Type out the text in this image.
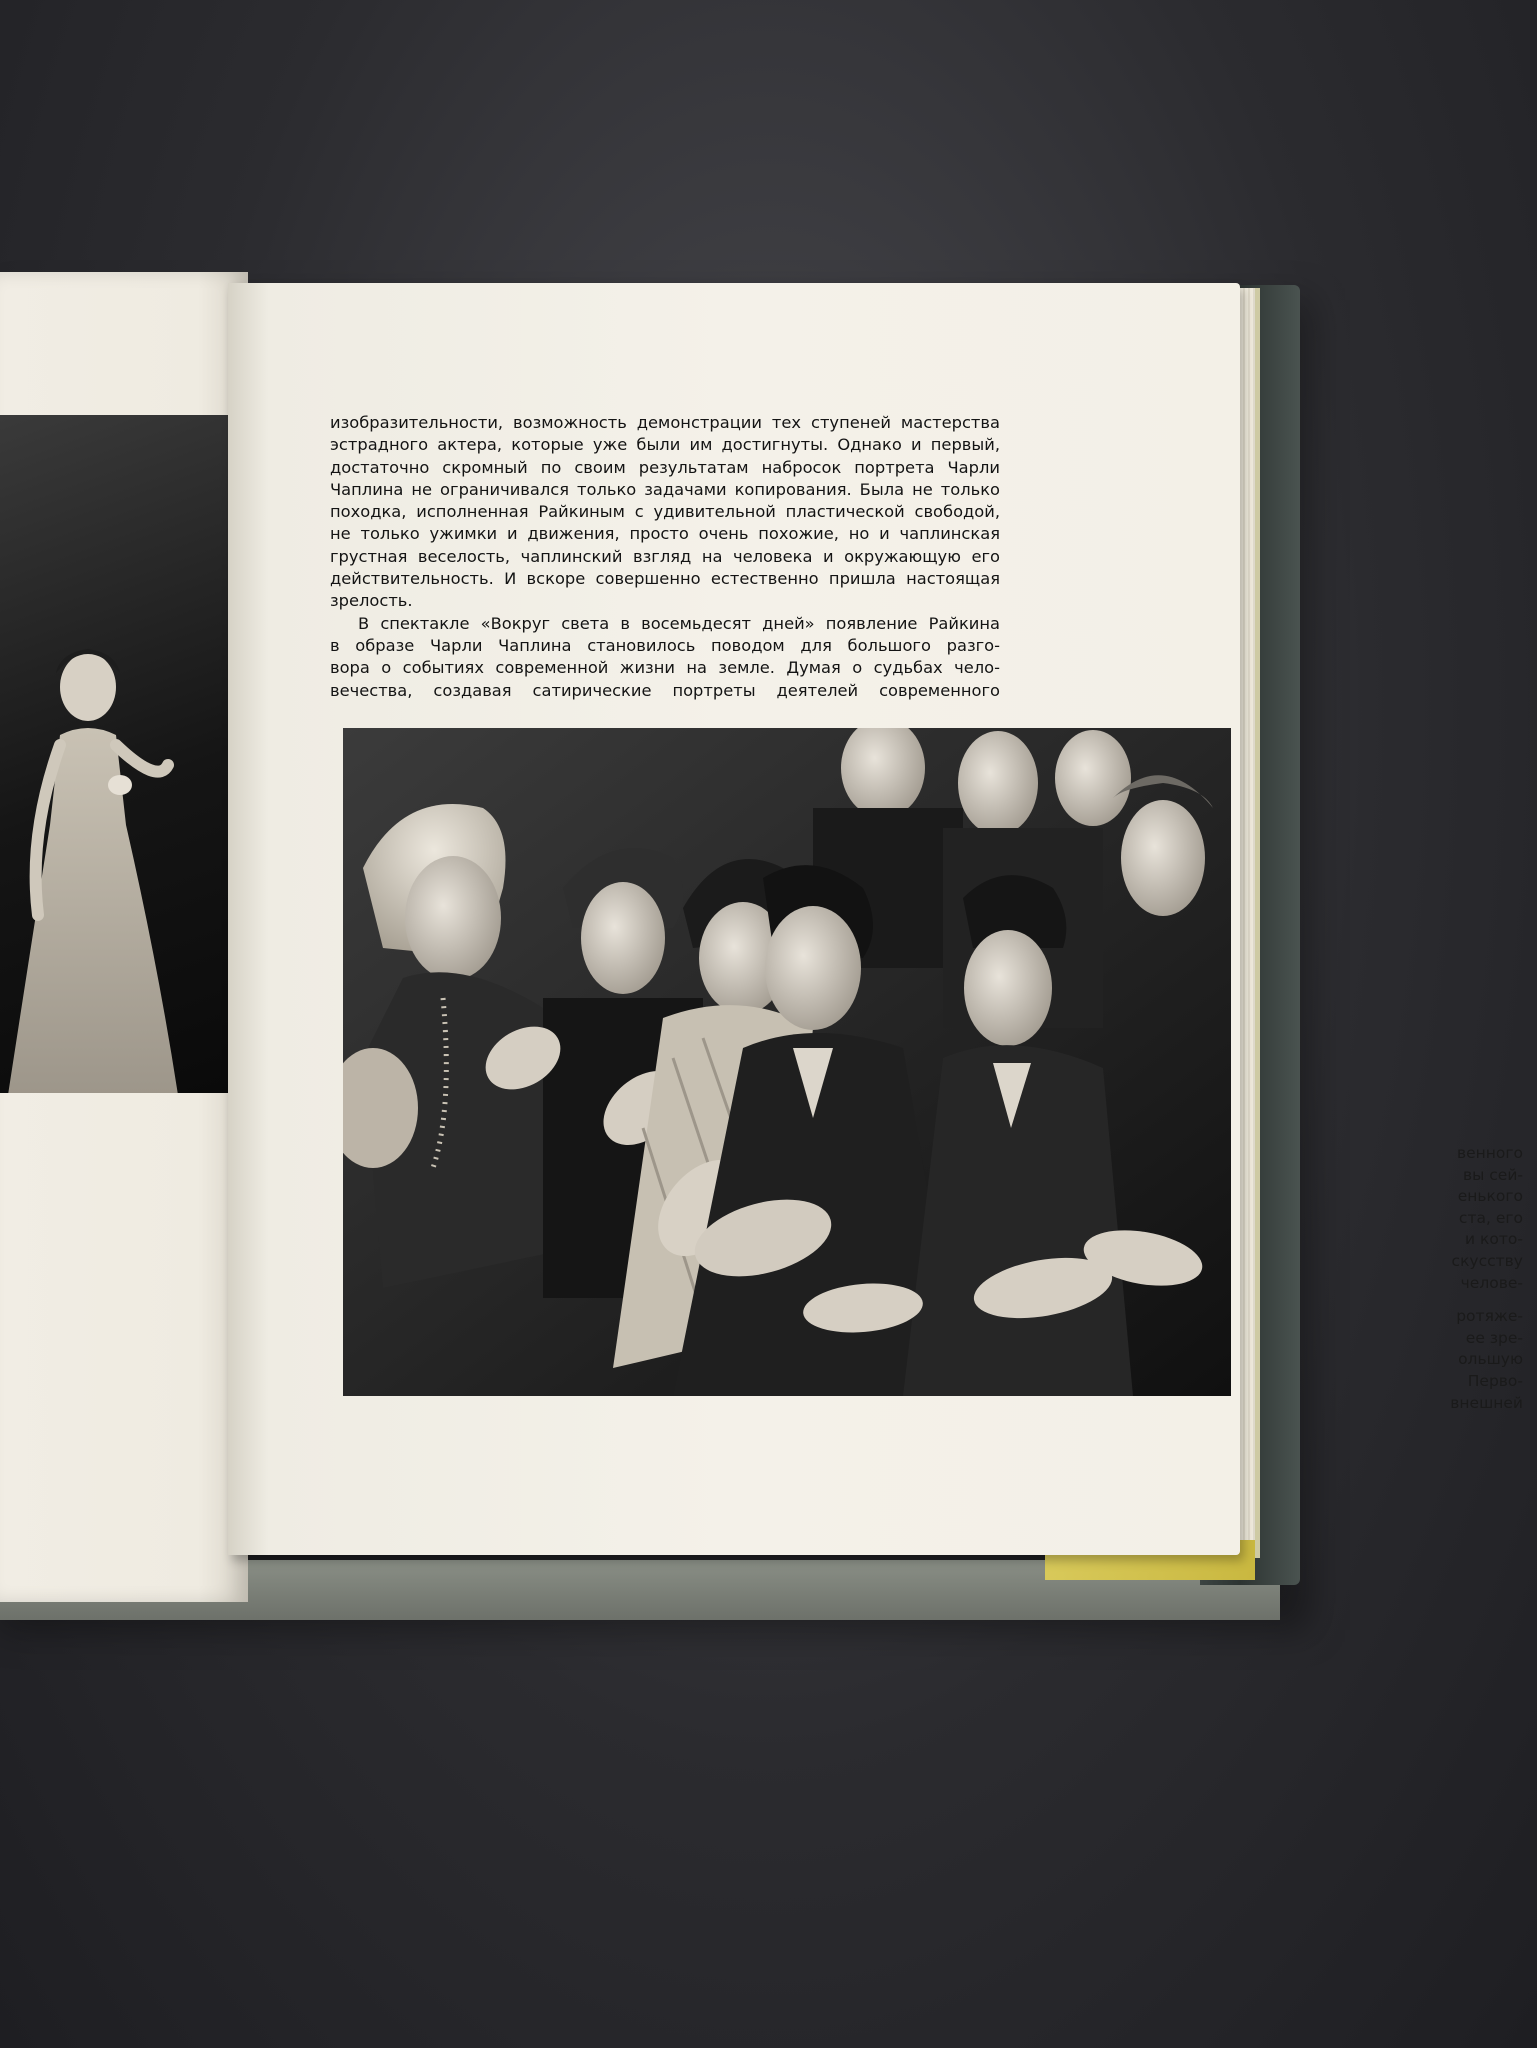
венного
вы сей-
енького
ста, его
и кото-
скусству
челове-
ротяже-
ее зре-
ольшую
Перво-
внешней
изобразительности, возможность демонстрации тех ступеней мастерства
эстрадного актера, которые уже были им достигнуты. Однако и первый,
достаточно скромный по своим результатам набросок портрета Чарли
Чаплина не ограничивался только задачами копирования. Была не только
походка, исполненная Райкиным с удивительной пластической свободой,
не только ужимки и движения, просто очень похожие, но и чаплинская
грустная веселость, чаплинский взгляд на человека и окружающую его
действительность. И вскоре совершенно естественно пришла настоящая
зрелость.
В спектакле «Вокруг света в восемьдесят дней» появление Райкина
в образе Чарли Чаплина становилось поводом для большого разго-
вора о событиях современной жизни на земле. Думая о судьбах чело-
вечества, создавая сатирические портреты деятелей современного
